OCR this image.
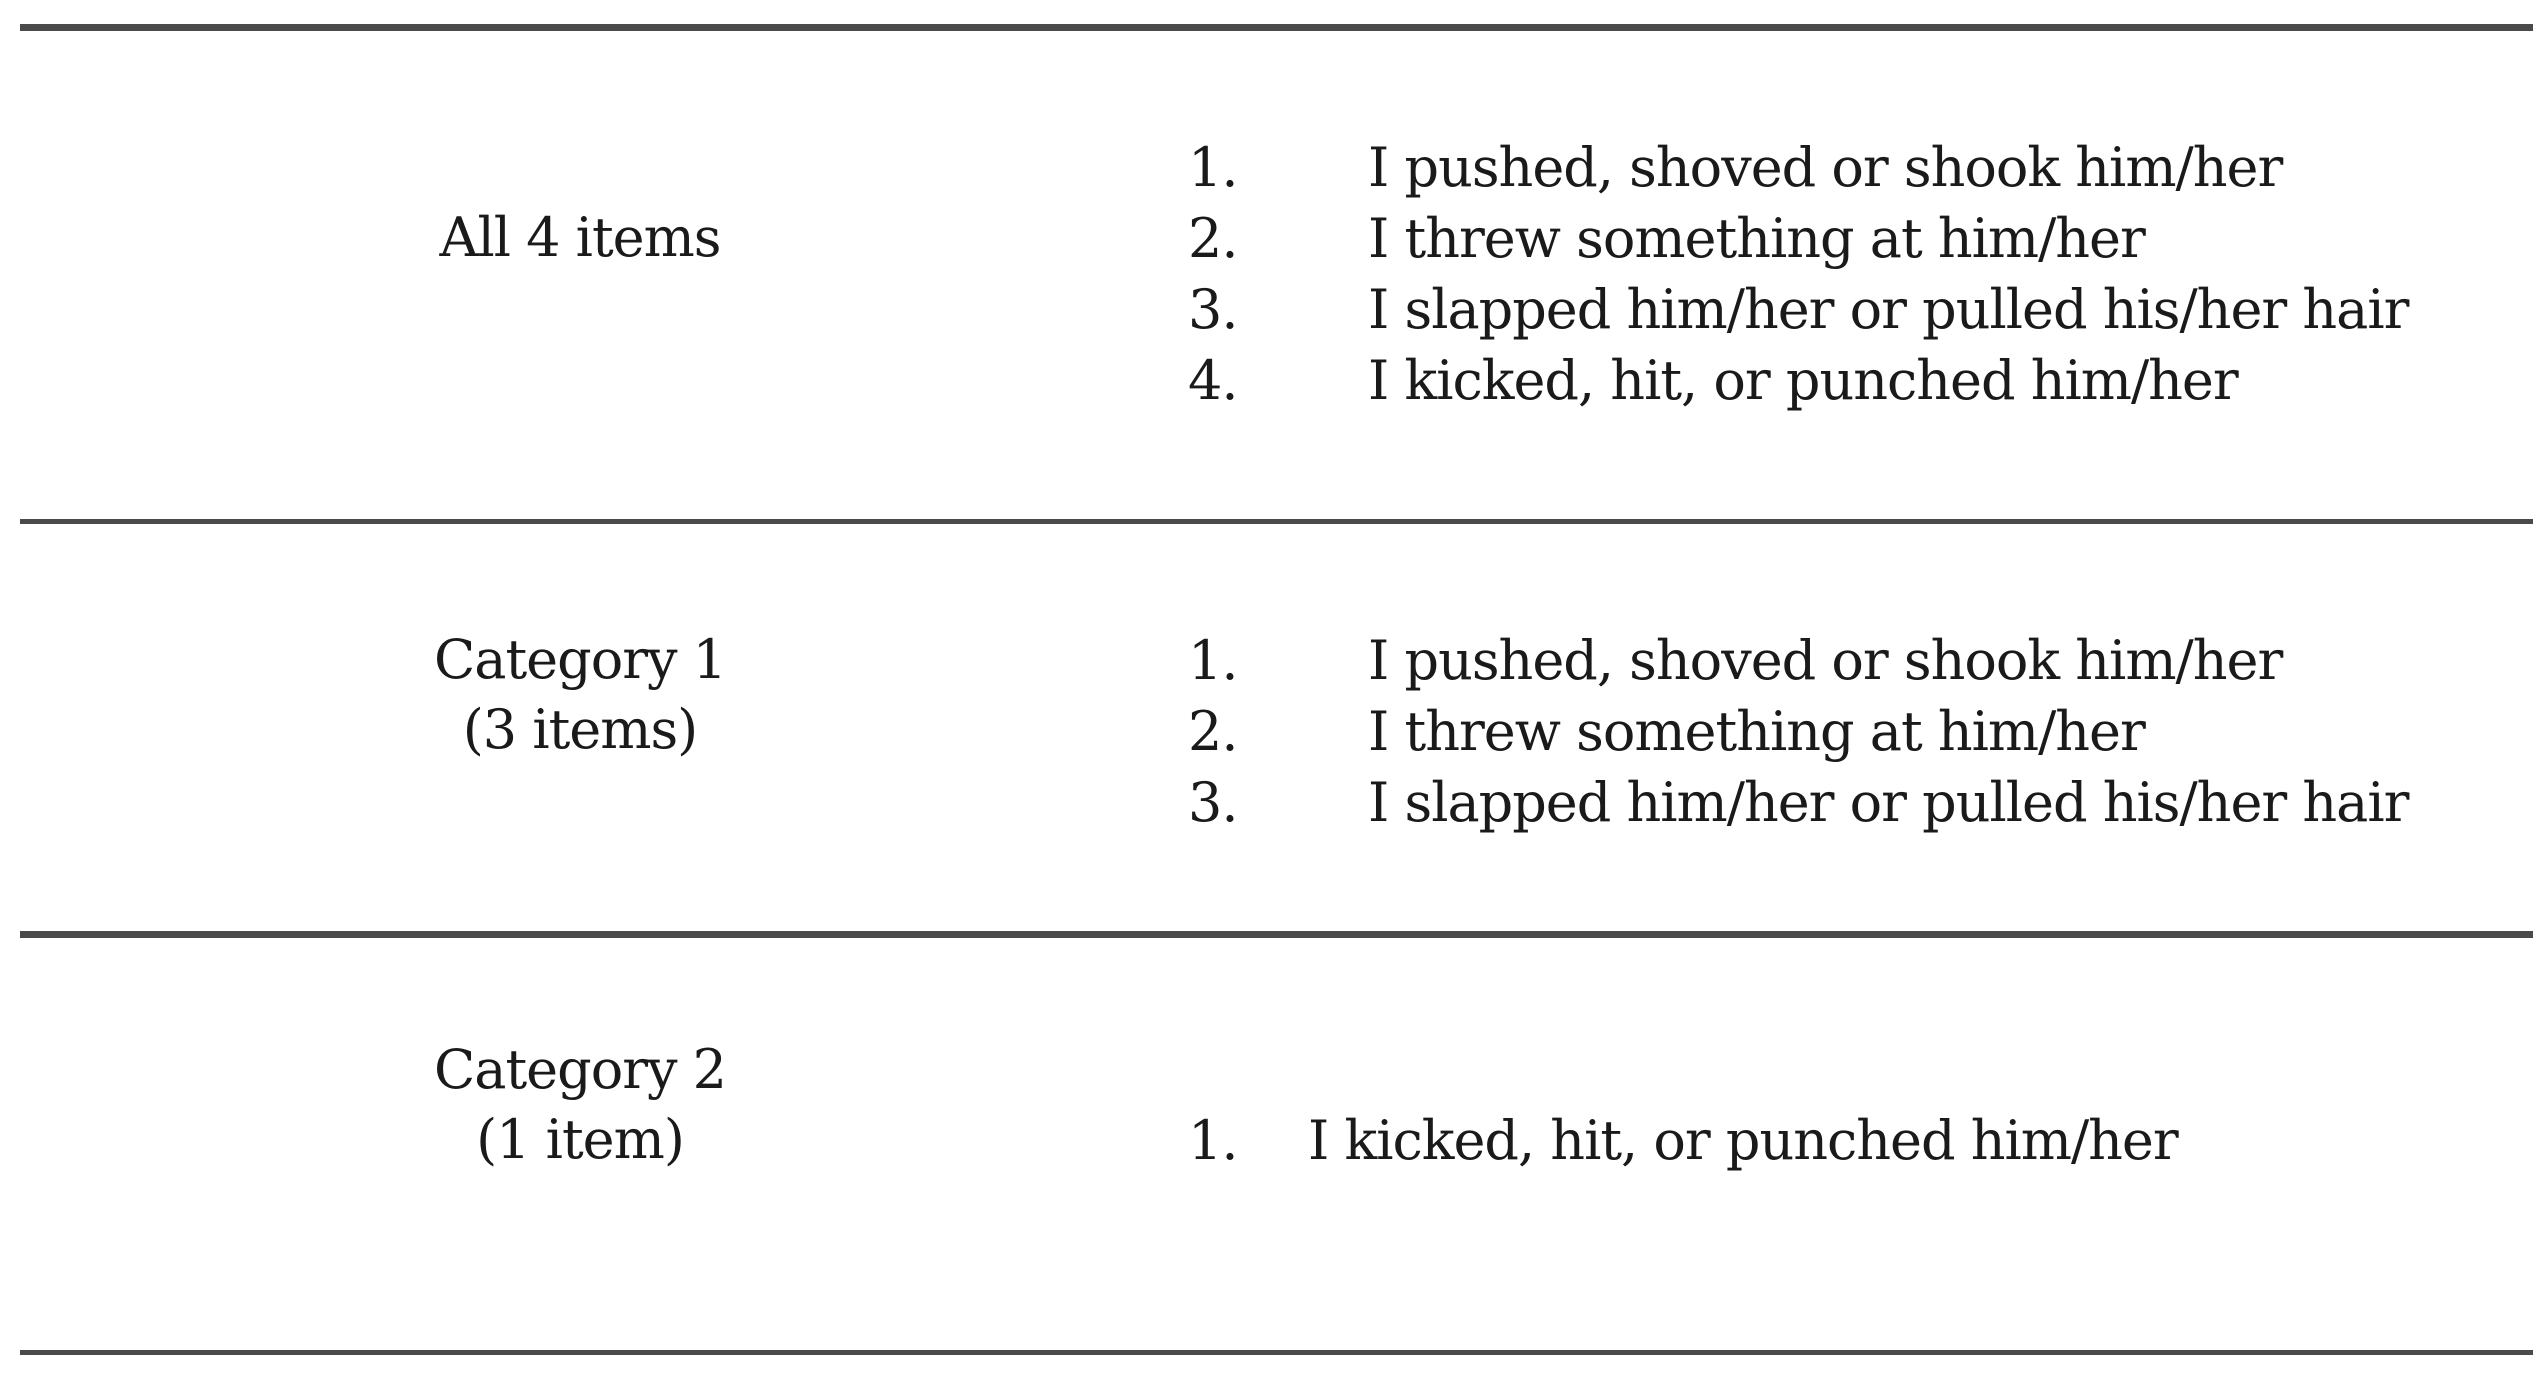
All 4 items
1. I pushed, shoved or shook him/her
2. I threw something at him/her
3. I slapped him/her or pulled his/her hair
4. I kicked, hit, or punched him/her
Category 1
(3 items)
1. I pushed, shoved or shook him/her
2. I threw something at him/her
3. I slapped him/her or pulled his/her hair
Category 2
(1 item)	1. I kicked, hit, or punched him/her
